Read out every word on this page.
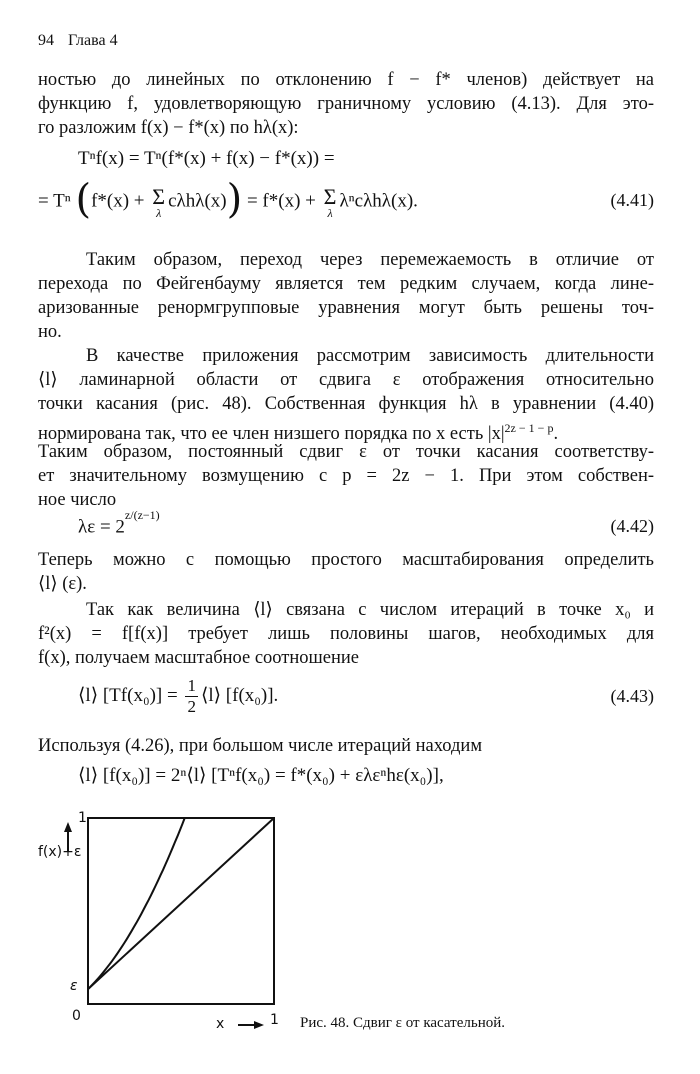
94 Глава 4
ностью до линейных по отклонению f − f* членов) действует на
функцию f, удовлетворяющую граничному условию (4.13). Для это-
го разложим f(x) − f*(x) по hλ(x):
Tⁿf(x) = Tⁿ(f*(x) + f(x) − f*(x)) =
= Tⁿ (f*(x) + Σ
λ
cλhλ(x)) = f*(x) + Σ
λ
λⁿcλhλ(x).	(4.41)
Таким образом, переход через перемежаемость в отличие от
перехода по Фейгенбауму является тем редким случаем, когда лине-
аризованные ренормгрупповые уравнения могут быть решены точ-
но.
В качестве приложения рассмотрим зависимость длительности
⟨l⟩ ламинарной области от сдвига ε отображения относительно
точки касания (рис. 48). Собственная функция hλ в уравнении (4.40)
нормирована так, что ее член низшего порядка по x есть $|x|^{2z - 1 - p}$.
Таким образом, постоянный сдвиг ε от точки касания соответству-
ет значительному возмущению с p = 2z − 1. При этом собствен-
ное число
$\lambda\varepsilon = 2^{z/(z-1)}$
(4.42)
Теперь можно с помощью простого масштабирования определить
⟨l⟩ (ε).
Так как величина ⟨l⟩ связана с числом итераций в точке x₀ и
f²(x) = f[f(x)] требует лишь половины шагов, необходимых для
f(x), получаем масштабное соотношение
⟨l⟩ $[Tf(x_0)] = \frac{1}{2}$ ⟨l⟩ [f(x₀)].	(4.43)
Используя (4.26), при большом числе итераций находим
⟨l⟩ [f(x₀)] = 2ⁿ⟨l⟩ [Tⁿf(x₀) = f*(x₀) + ελεⁿhε(x₀)],
1
f(x)+ε
ε
0	x	1 Рис. 48. Сдвиг ε от касательной.
